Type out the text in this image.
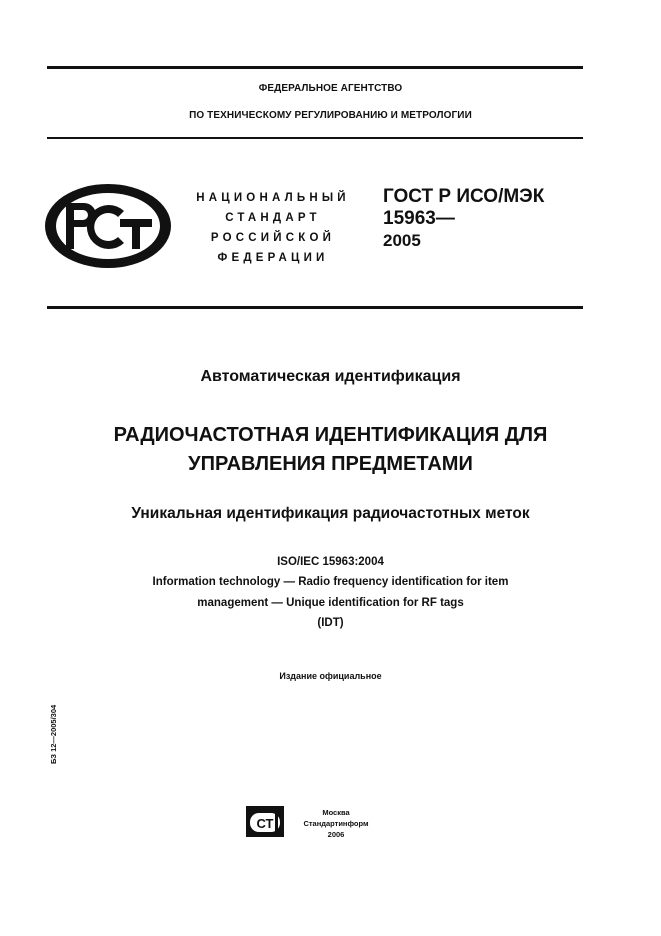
ФЕДЕРАЛЬНОЕ АГЕНТСТВО
ПО ТЕХНИЧЕСКОМУ РЕГУЛИРОВАНИЮ И МЕТРОЛОГИИ
НАЦИОНАЛЬНЫЙ
СТАНДАРТ
РОССИЙСКОЙ
ФЕДЕРАЦИИ
ГОСТ Р ИСО/МЭК
15963—
2005
Автоматическая идентификация
РАДИОЧАСТОТНАЯ ИДЕНТИФИКАЦИЯ ДЛЯ
УПРАВЛЕНИЯ ПРЕДМЕТАМИ
Уникальная идентификация радиочастотных меток
ISO/IEC 15963:2004
Information technology — Radio frequency identification for item
management — Unique identification for RF tags
(IDT)
Издание официальное
БЗ 12—2005/304
СТ
Москва
Стандартинформ
2006
